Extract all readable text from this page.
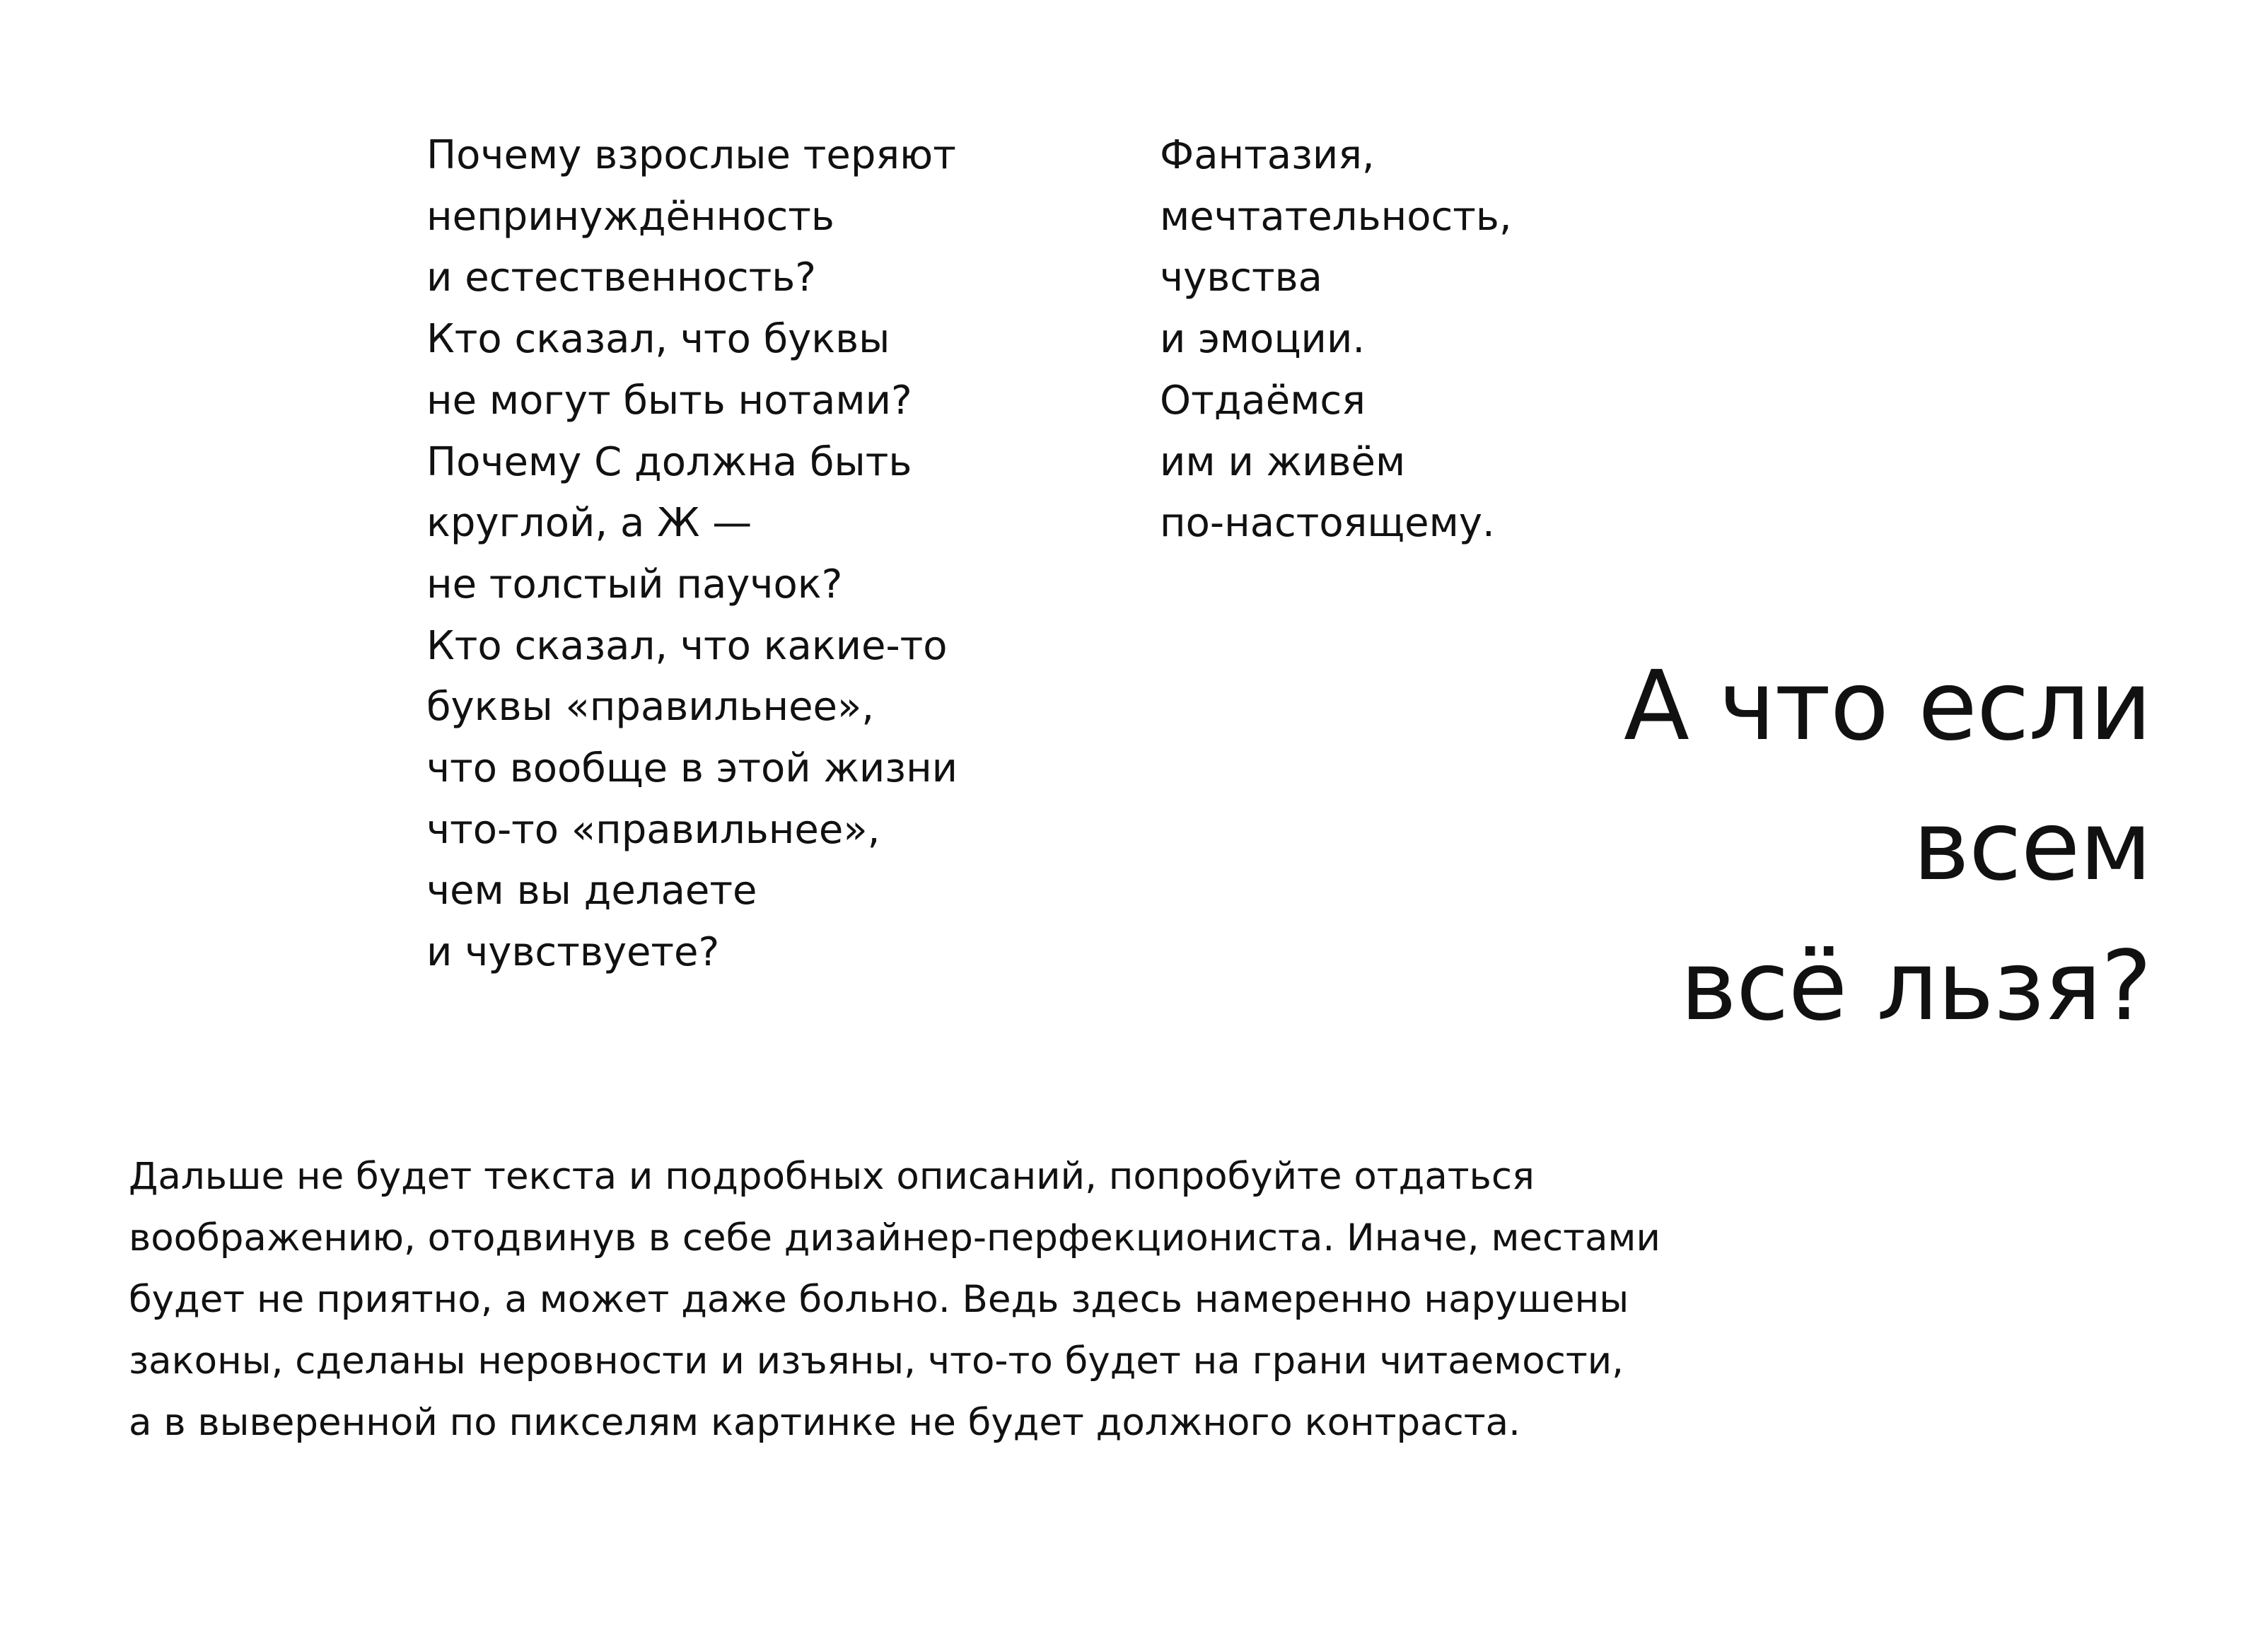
Почему взрослые теряют
непринуждённость
и естественность?
Кто сказал, что буквы
не могут быть нотами?
Почему С должна быть
круглой, а Ж —
не толстый паучок?
Кто сказал, что какие-то
буквы «правильнее»,
что вообще в этой жизни
что-то «правильнее»,
чем вы делаете
и чувствуете?
Фантазия,
мечтательность,
чувства
и эмоции.
Отдаёмся
им и живём
по-настоящему.
А что если
всем
всё льзя?
Дальше не будет текста и подробных описаний, попробуйте отдаться
воображению, отодвинув в себе дизайнер-перфекциониста. Иначе, местами
будет не приятно, а может даже больно. Ведь здесь намеренно нарушены
законы, сделаны неровности и изъяны, что-то будет на грани читаемости,
а в выверенной по пикселям картинке не будет должного контраста.
